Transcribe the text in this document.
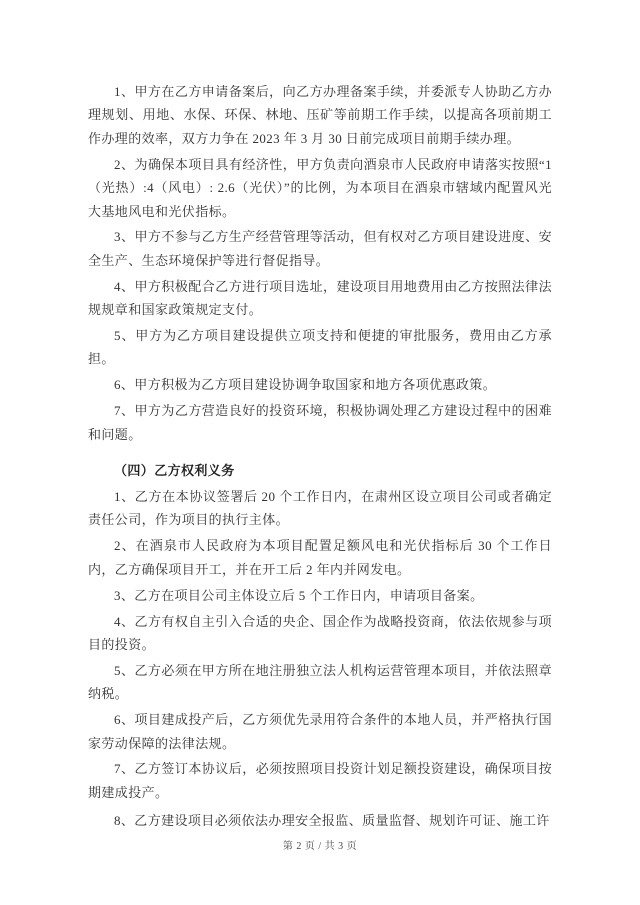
1、甲方在乙方申请备案后，向乙方办理备案手续，并委派专人协助乙方办理规划、用地、水保、环保、林地、压矿等前期工作手续，以提高各项前期工作办理的效率，双方力争在 2023 年 3 月 30 日前完成项目前期手续办理。

2、为确保本项目具有经济性，甲方负责向酒泉市人民政府申请落实按照“1（光热）:4（风电）: 2.6（光伏）”的比例，为本项目在酒泉市辖域内配置风光大基地风电和光伏指标。

3、甲方不参与乙方生产经营管理等活动，但有权对乙方项目建设进度、安全生产、生态环境保护等进行督促指导。

4、甲方积极配合乙方进行项目选址，建设项目用地费用由乙方按照法律法规规章和国家政策规定支付。

5、甲方为乙方项目建设提供立项支持和便捷的审批服务，费用由乙方承担。

6、甲方积极为乙方项目建设协调争取国家和地方各项优惠政策。

7、甲方为乙方营造良好的投资环境，积极协调处理乙方建设过程中的困难和问题。

（四）乙方权利义务

1、乙方在本协议签署后 20 个工作日内，在肃州区设立项目公司或者确定责任公司，作为项目的执行主体。

2、在酒泉市人民政府为本项目配置足额风电和光伏指标后 30 个工作日内，乙方确保项目开工，并在开工后 2 年内并网发电。

3、乙方在项目公司主体设立后 5 个工作日内，申请项目备案。

4、乙方有权自主引入合适的央企、国企作为战略投资商，依法依规参与项目的投资。

5、乙方必须在甲方所在地注册独立法人机构运营管理本项目，并依法照章纳税。

6、项目建成投产后，乙方须优先录用符合条件的本地人员，并严格执行国家劳动保障的法律法规。

7、乙方签订本协议后，必须按照项目投资计划足额投资建设，确保项目按期建成投产。

8、乙方建设项目必须依法办理安全报监、质量监督、规划许可证、施工许

第 2 页 / 共 3 页
